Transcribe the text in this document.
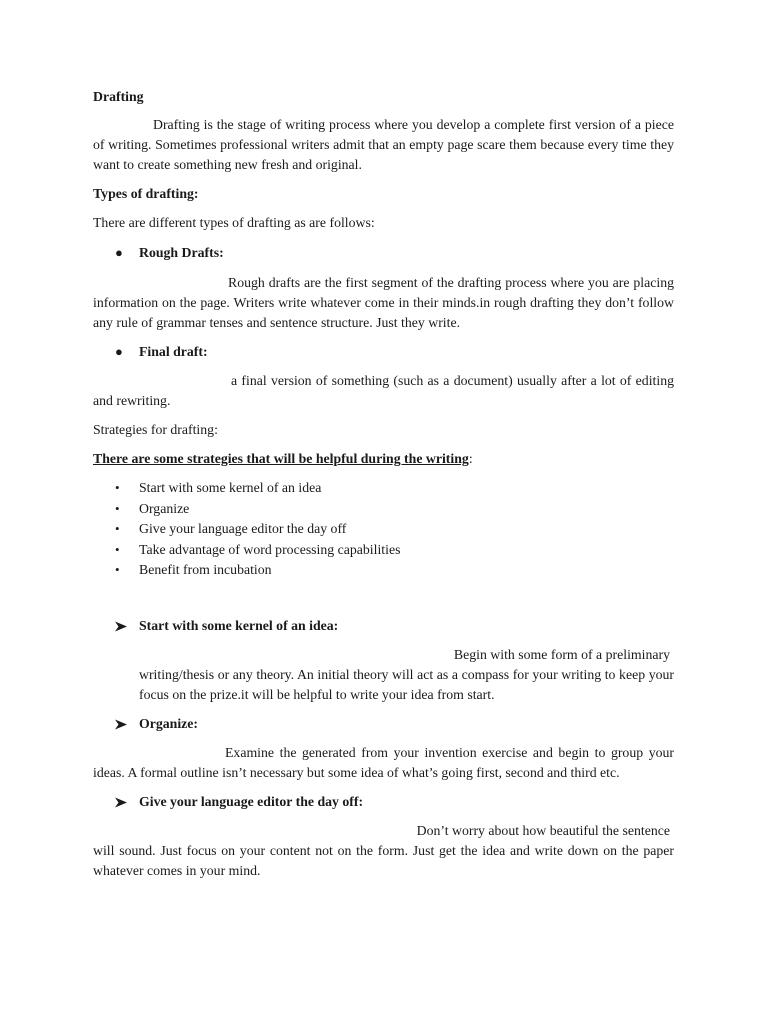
Drafting

Drafting is the stage of writing process where you develop a complete first version of a piece of writing. Sometimes professional writers admit that an empty page scare them because every time they want to create something new fresh and original.

Types of drafting:

There are different types of drafting as are follows:

● Rough Drafts:

Rough drafts are the first segment of the drafting process where you are placing information on the page. Writers write whatever come in their minds.in rough drafting they don’t follow any rule of grammar tenses and sentence structure. Just they write.

● Final draft:

a final version of something (such as a document) usually after a lot of editing and rewriting.

Strategies for drafting:

There are some strategies that will be helpful during the writing:

• Start with some kernel of an idea
• Organize
• Give your language editor the day off
• Take advantage of word processing capabilities
• Benefit from incubation
Start with some kernel of an idea:

Begin with some form of a preliminary

writing/thesis or any theory. An initial theory will act as a compass for your writing to keep your focus on the prize.it will be helpful to write your idea from start.

Organize:

Examine the generated from your invention exercise and begin to group your ideas. A formal outline isn’t necessary but some idea of what’s going first, second and third etc.

Give your language editor the day off:

Don’t worry about how beautiful the sentence

will sound. Just focus on your content not on the form. Just get the idea and write down on the paper whatever comes in your mind.
